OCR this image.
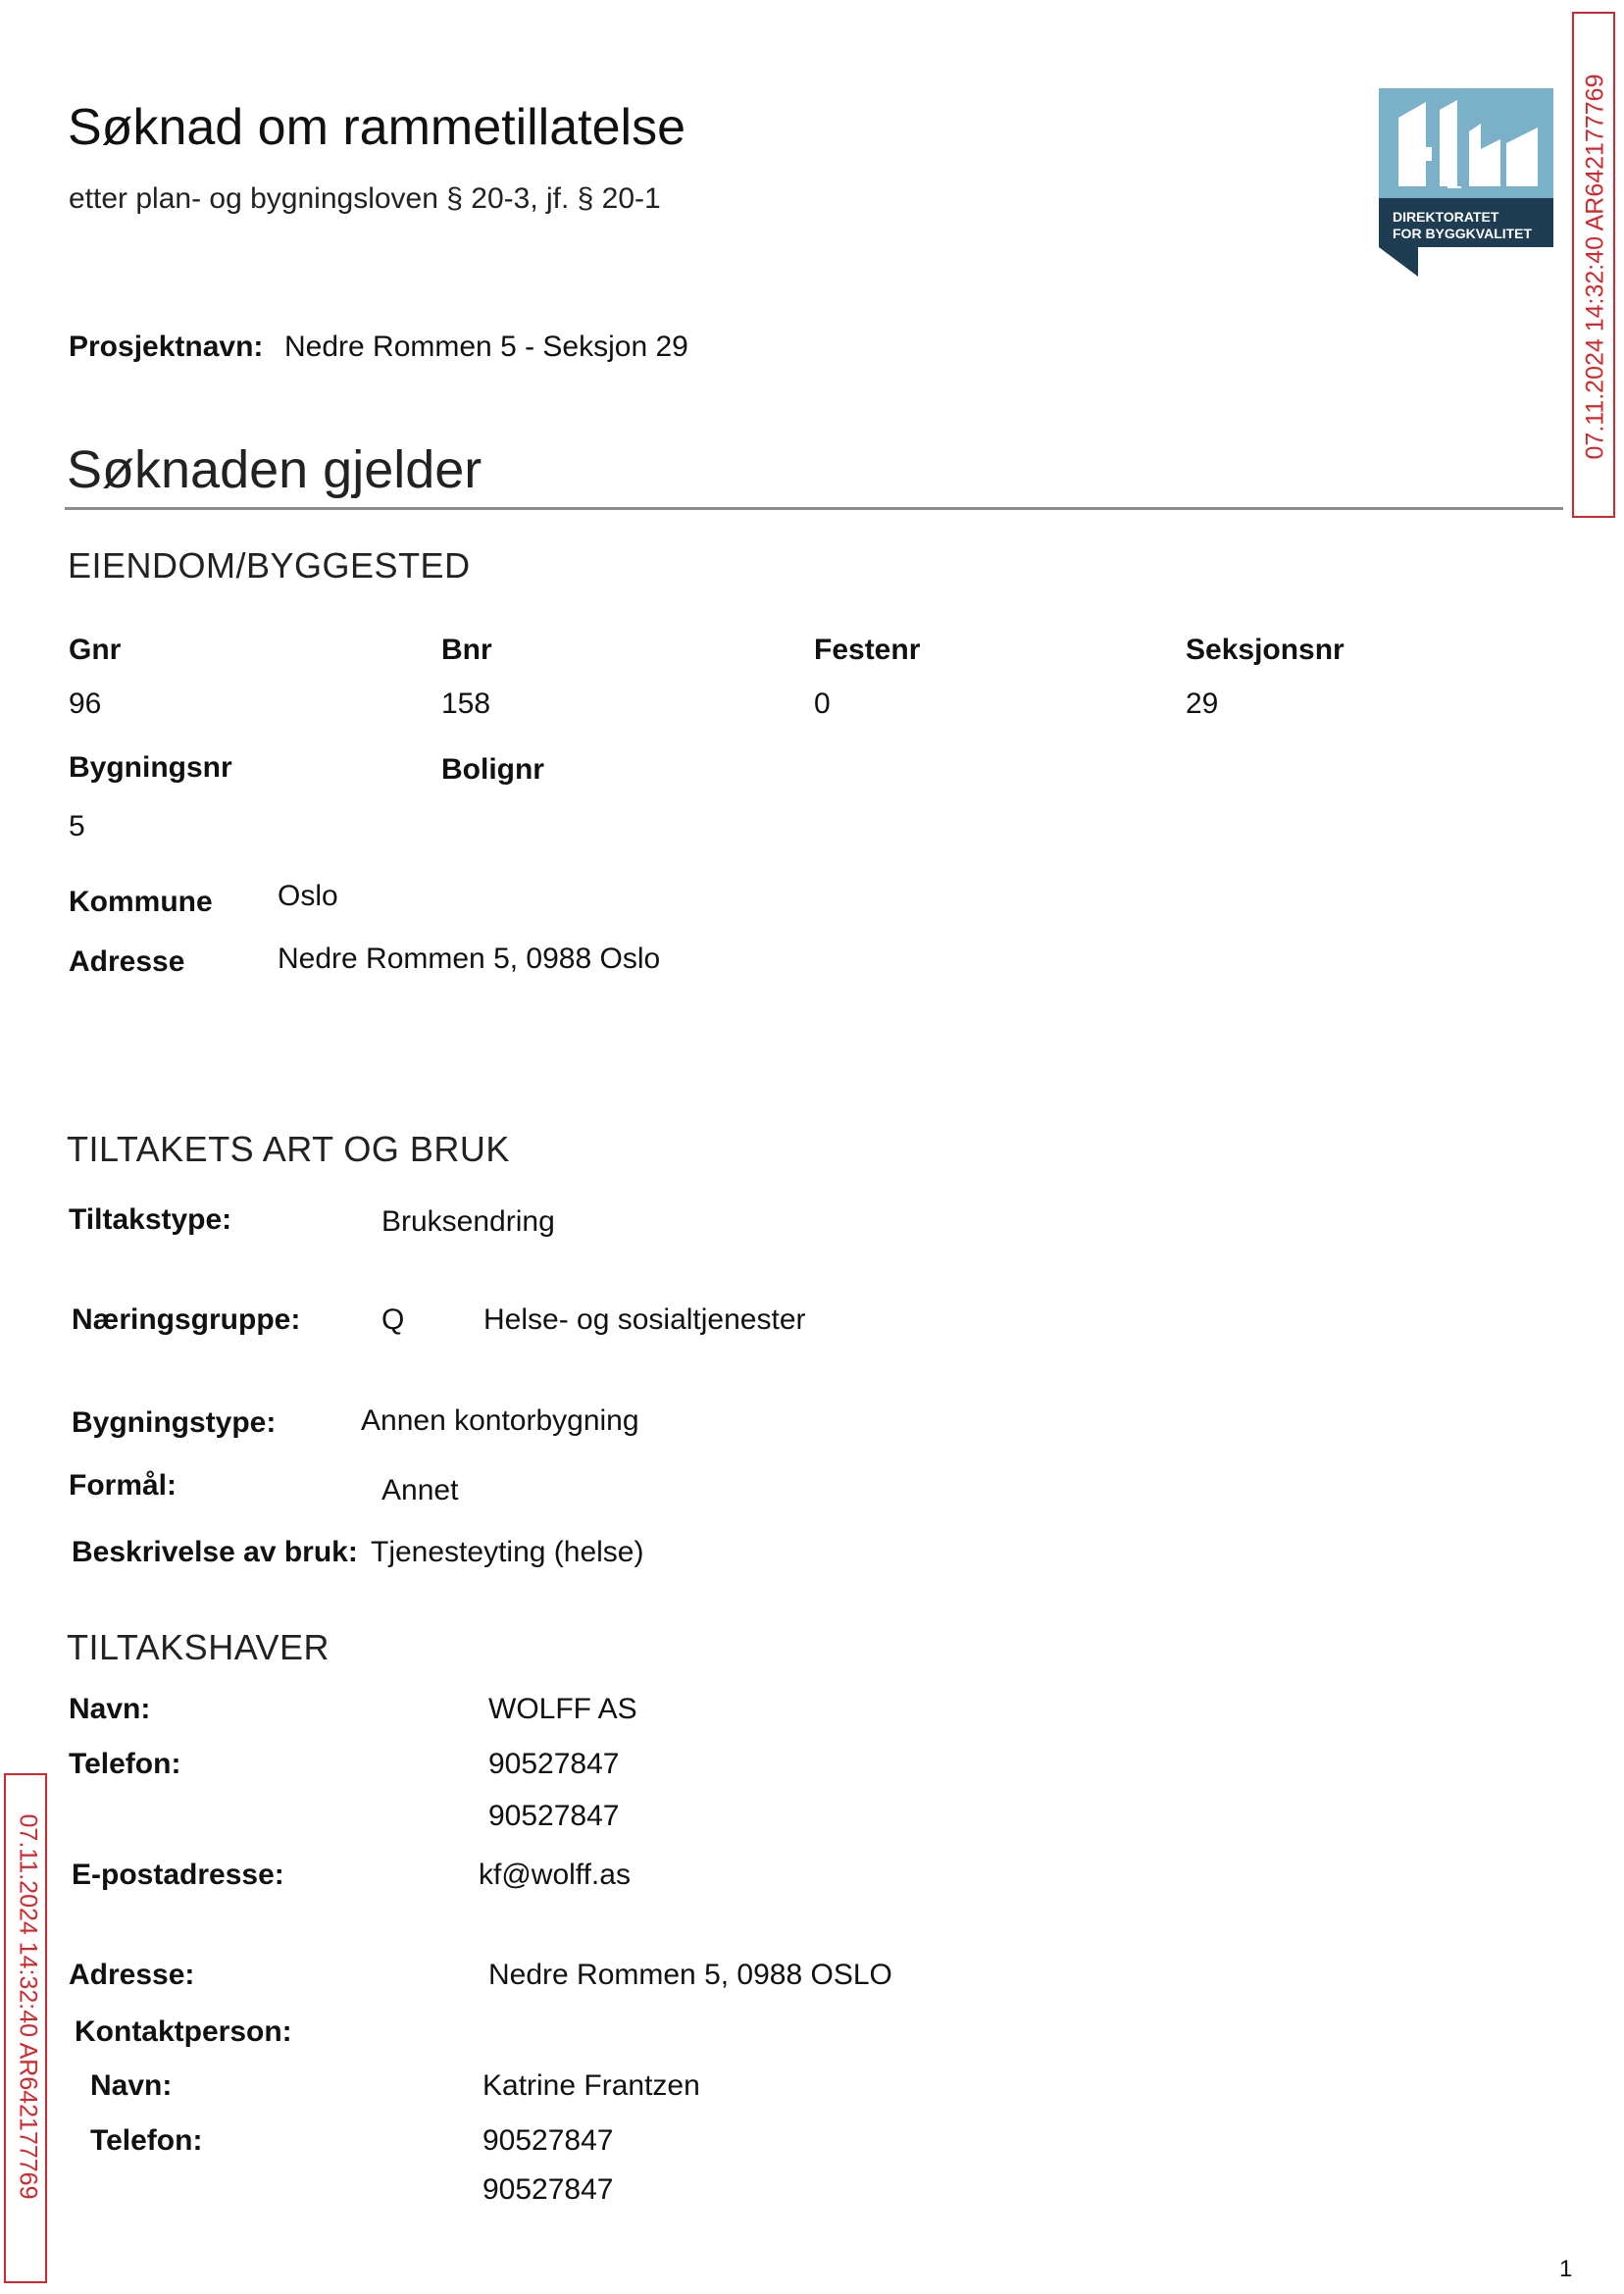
Søknad om rammetillatelse
etter plan- og bygningsloven § 20-3, jf. § 20-1
DIREKTORATET
FOR BYGGKVALITET 07.11.2024 14:32:40 AR642177769
07.11.2024 14:32:40 AR642177769
Prosjektnavn: Nedre Rommen 5 - Seksjon 29
Søknaden gjelder
EIENDOM/BYGGESTED
Gnr	Bnr	Festenr	Seksjonsnr
96	158	0	29
Bygningsnr	Bolignr
5
Kommune Oslo
Adresse	Nedre Rommen 5, 0988 Oslo
TILTAKETS ART OG BRUK
Tiltakstype:	Bruksendring
Næringsgruppe:	Q	Helse- og sosialtjenester
Bygningstype:	Annen kontorbygning
Formål:	Annet
Beskrivelse av bruk: Tjenesteyting (helse)
TILTAKSHAVER
Navn:	WOLFF AS
Telefon:	90527847
90527847
E-postadresse:	kf@wolff.as
Adresse:	Nedre Rommen 5, 0988 OSLO
Kontaktperson:
Navn:	Katrine Frantzen
Telefon:	90527847
90527847
1
